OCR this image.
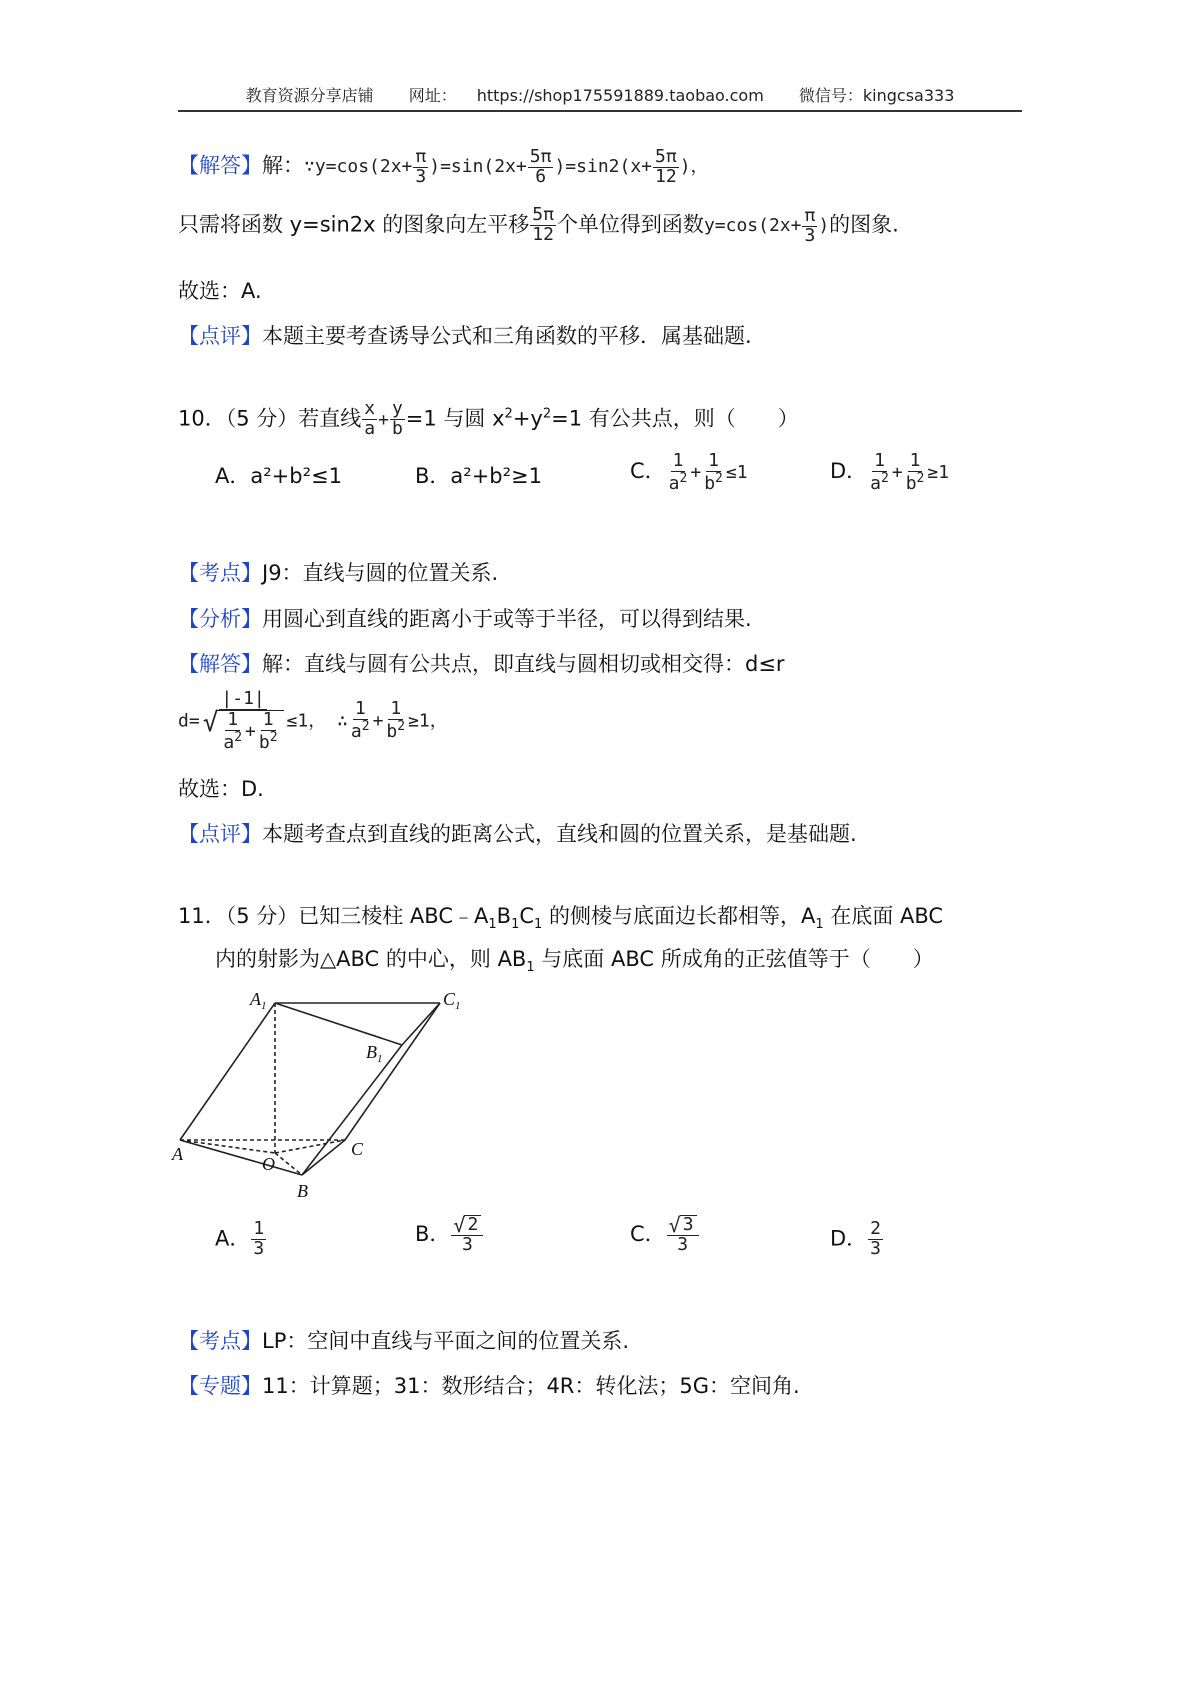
教育资源分享店铺 网址： https://shop175591889.taobao.com 微信号：kingcsa333
【解答】解：∵y=cos(2x+ $\frac{\pi}{3} )=\sin(2x+ \frac{5\pi}{6} )=\sin 2(x+ \frac{5\pi}{12}$ )，
只需将函数 y=sin2x 的图象向左平移 $\frac{5\pi}{12}$ 个单位得到函数$y=\cos(2x+ \frac{\pi}{3}$ )的图象.
故选：A.
【点评】本题主要考查诱导公式和三角函数的平移．属基础题.
10．（5 分）若直线 $\frac{x}{a} + \frac{y}{b} =1$ 与圆 $x^2+y^2=1$ 有公共点，则（　　）
A．a²+b²≤1	B．a²+b²≥1	C． $\frac{1}{a^2} + \frac{1}{b^2} \le 1$	D． $\frac{1}{a^2} + \frac{1}{b^2} \ge 1$
【考点】J9：直线与圆的位置关系.
【分析】用圆心到直线的距离小于或等于半径，可以得到结果.
【解答】解：直线与圆有公共点，即直线与圆相切或相交得：d≤r
$d= \frac{|-1|}{√ \frac{1}{a^2} + \frac{1}{b^2}} \le 1$， ∴ $\frac{1}{a^2} + \frac{1}{b^2} \ge 1$，
故选：D.
【点评】本题考查点到直线的距离公式，直线和圆的位置关系，是基础题.
11．（5 分）已知三棱柱 $ABC﹣A_1B_1C_1$ 的侧棱与底面边长都相等，$A_1$ 在底面 ABC
内的射影为△ABC 的中心，则 $AB_1$ 与底面 ABC 所成角的正弦值等于（　　）
$A_1$	$C_1$
$B_1$
A	C
O
B
A． $\frac{1}{3}$	B． $\frac{√ 2}{3}$	C． $\frac{√ 3}{3}$	D． $\frac{2}{3}$
【考点】LP：空间中直线与平面之间的位置关系.
【专题】11：计算题；31：数形结合；4R：转化法；5G：空间角.
